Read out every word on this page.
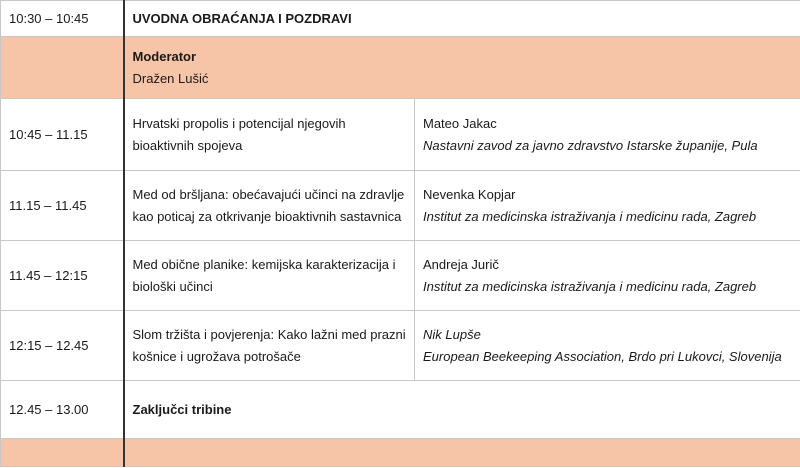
10:30 – 10:45	UVODNA OBRAĆANJA I POZDRAVI	

	Moderator
Dražen Lušić	

10:45 – 11.15	Hrvatski propolis i potencijal njegovih bioaktivnih spojeva	Mateo Jakac
Nastavni zavod za javno zdravstvo Istarske županije, Pula

11.15 – 11.45	Med od bršljana: obećavajući učinci na zdravlje kao poticaj za otkrivanje bioaktivnih sastavnica	Nevenka Kopjar
Institut za medicinska istraživanja i medicinu rada, Zagreb

11.45 – 12:15	Med obične planike: kemijska karakterizacija i biološki učinci	Andreja Jurič
Institut za medicinska istraživanja i medicinu rada, Zagreb

12:15 – 12.45	Slom tržišta i povjerenja: Kako lažni med prazni košnice i ugrožava potrošače	Nik Lupše
European Beekeeping Association, Brdo pri Lukovci, Slovenija

12.45 – 13.00	Zaključci tribine	
